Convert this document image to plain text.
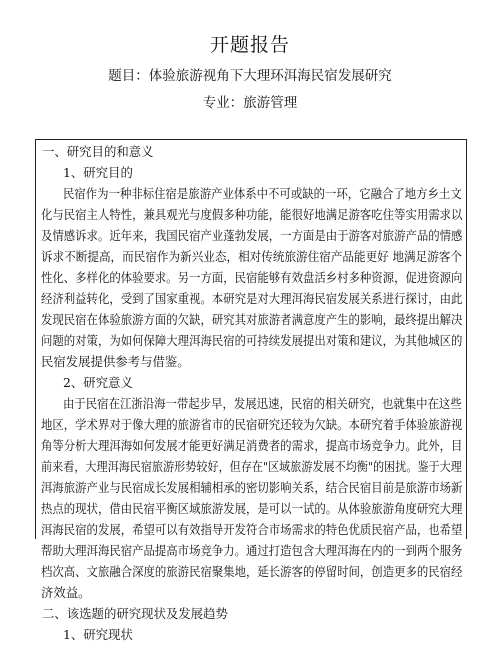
开题报告
题目：体验旅游视角下大理环洱海民宿发展研究
专业：旅游管理
一、研究目的和意义
1、研究目的
民宿作为一种非标住宿是旅游产业体系中不可或缺的一环，它融合了地方乡土文
化与民宿主人特性，兼具观光与度假多种功能，能很好地满足游客吃住等实用需求以
及情感诉求。近年来，我国民宿产业蓬勃发展，一方面是由于游客对旅游产品的情感
诉求不断提高，而民宿作为新兴业态，相对传统旅游住宿产品能更好 地满足游客个
性化、多样化的体验要求。另一方面，民宿能够有效盘活乡村多种资源，促进资源向
经济利益转化，受到了国家重视。本研究是对大理洱海民宿发展关系进行探讨，由此
发现民宿在体验旅游方面的欠缺，研究其对旅游者满意度产生的影响，最终提出解决
问题的对策，为如何保障大理洱海民宿的可持续发展提出对策和建议，为其他城区的
民宿发展提供参考与借鉴。
2、研究意义
由于民宿在江浙沿海一带起步早，发展迅速，民宿的相关研究，也就集中在这些
地区，学术界对于像大理的旅游省市的民宿研究还较为欠缺。本研究着手体验旅游视
角等分析大理洱海如何发展才能更好满足消费者的需求，提高市场竞争力。此外，目
前来看，大理洱海民宿旅游形势较好，但存在"区域旅游发展不均衡"的困扰。鉴于大理
洱海旅游产业与民宿成长发展相辅相承的密切影响关系，结合民宿目前是旅游市场新
热点的现状，借由民宿平衡区域旅游发展，是可以一试的。从体验旅游角度研究大理
洱海民宿的发展，希望可以有效指导开发符合市场需求的特色优质民宿产品，也希望
帮助大理洱海民宿产品提高市场竞争力。通过打造包含大理洱海在内的一到两个服务
档次高、文旅融合深度的旅游民宿聚集地，延长游客的停留时间，创造更多的民宿经
济效益。
二、该选题的研究现状及发展趋势
1、研究现状
